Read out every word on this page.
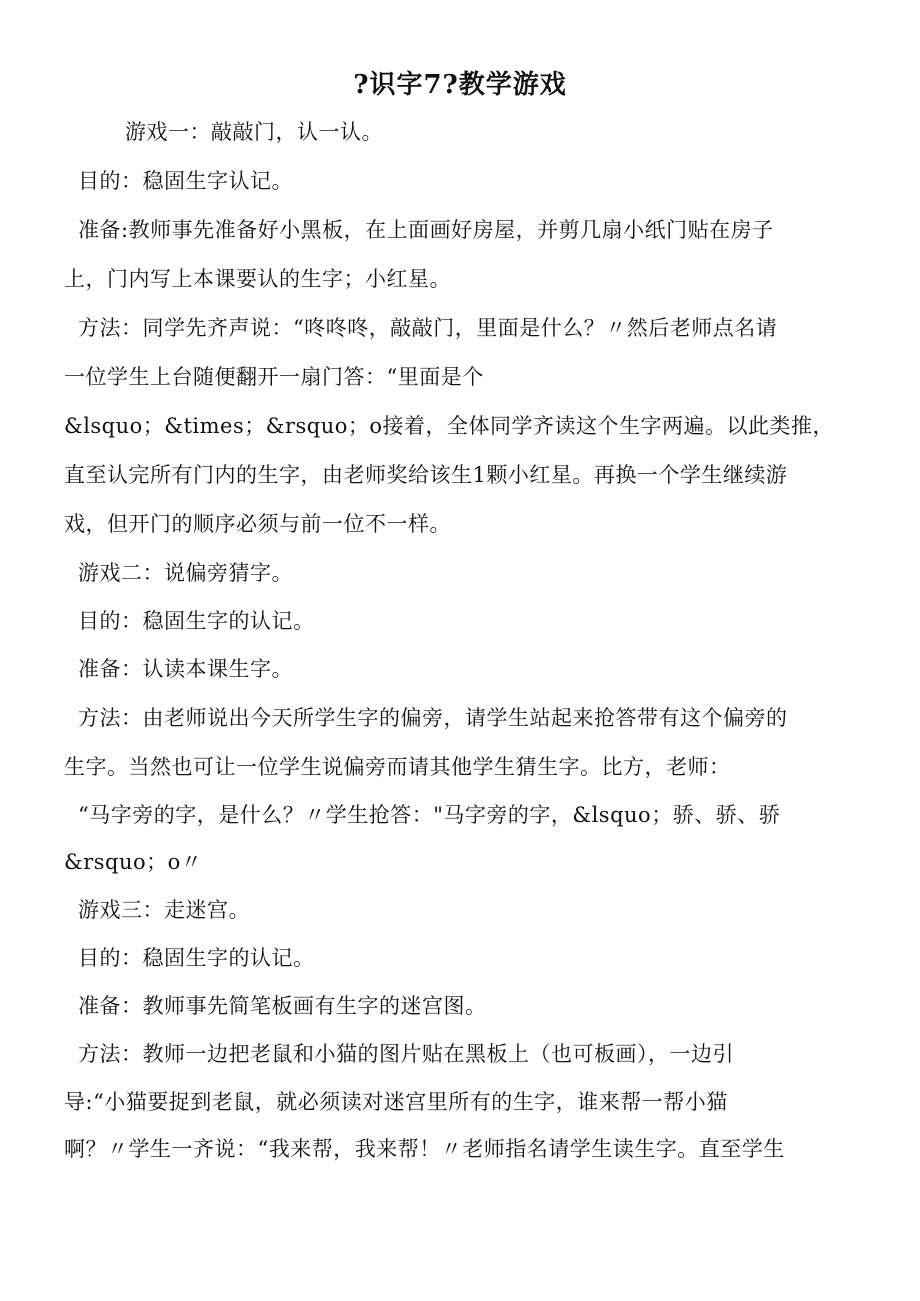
?识字7?教学游戏
游戏一：敲敲门，认一认。
目的：稳固生字认记。
准备:教师事先准备好小黑板，在上面画好房屋，并剪几扇小纸门贴在房子
上，门内写上本课要认的生字；小红星。
方法：同学先齐声说：“咚咚咚，敲敲门，里面是什么？〃然后老师点名请
一位学生上台随便翻开一扇门答：“里面是个
&lsquo；&times；&rsquo；o接着，全体同学齐读这个生字两遍。以此类推，
直至认完所有门内的生字，由老师奖给该生1颗小红星。再换一个学生继续游
戏，但开门的顺序必须与前一位不一样。
游戏二：说偏旁猜字。
目的：稳固生字的认记。
准备：认读本课生字。
方法：由老师说出今天所学生字的偏旁，请学生站起来抢答带有这个偏旁的
生字。当然也可让一位学生说偏旁而请其他学生猜生字。比方，老师：
“马字旁的字，是什么？〃学生抢答："马字旁的字，&lsquo；骄、骄、骄
&rsquo；o〃
游戏三：走迷宫。
目的：稳固生字的认记。
准备：教师事先简笔板画有生字的迷宫图。
方法：教师一边把老鼠和小猫的图片贴在黑板上（也可板画），一边引
导:“小猫要捉到老鼠，就必须读对迷宫里所有的生字，谁来帮一帮小猫
啊？〃学生一齐说：“我来帮，我来帮！〃老师指名请学生读生字。直至学生
